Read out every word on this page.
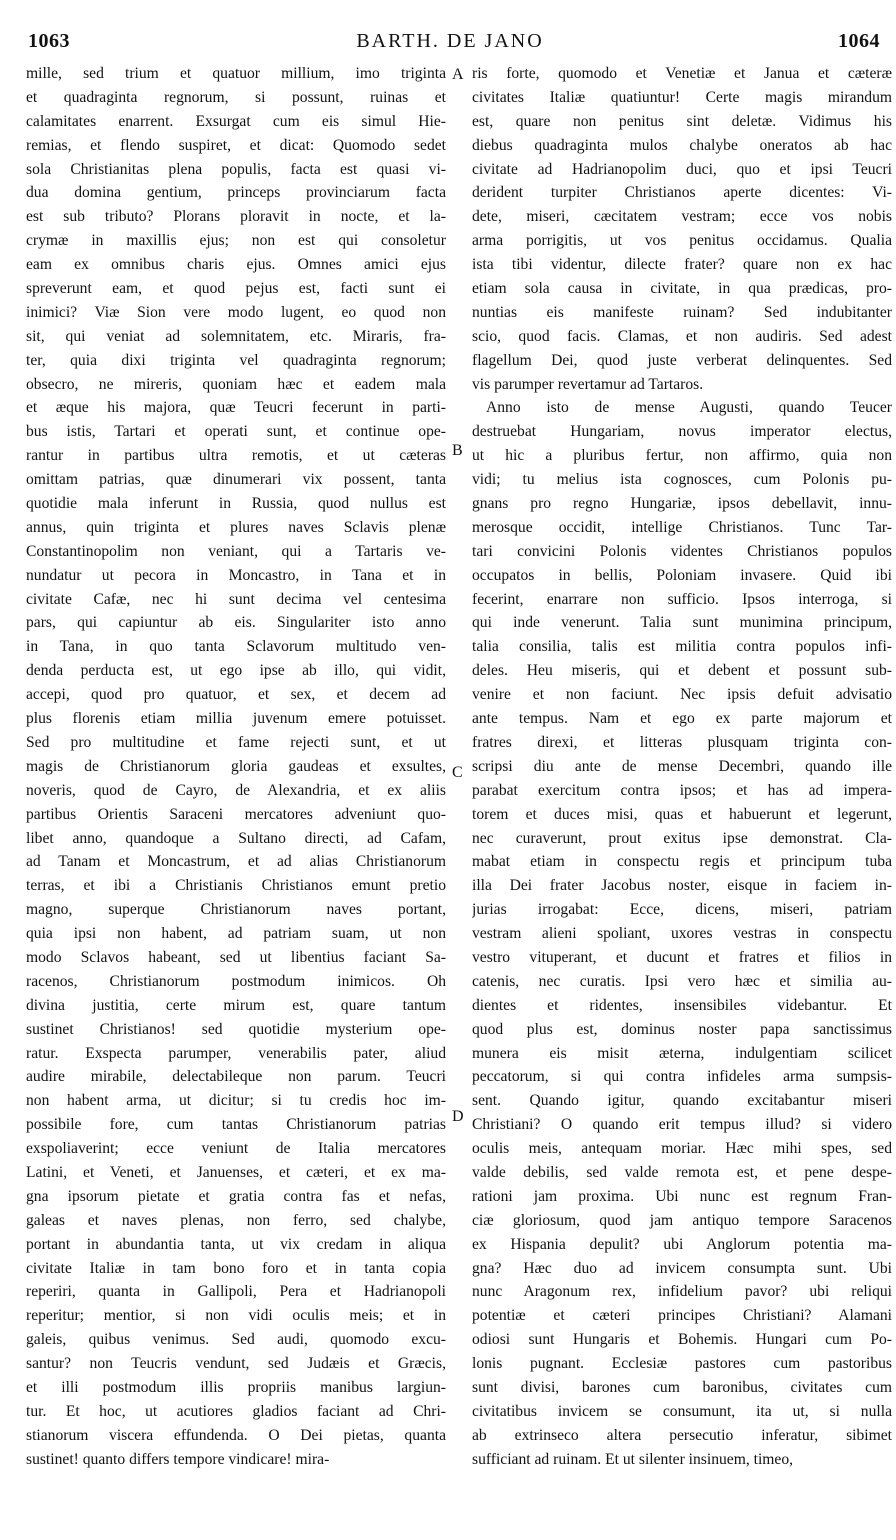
1063	BARTH. DE JANO	1064
A
B
C
D
mille, sed trium et quatuor millium, imo triginta
et quadraginta regnorum, si possunt, ruinas et
calamitates enarrent. Exsurgat cum eis simul Hie-
remias, et flendo suspiret, et dicat: Quomodo sedet
sola Christianitas plena populis, facta est quasi vi-
dua domina gentium, princeps provinciarum facta
est sub tributo? Plorans ploravit in nocte, et la-
crymæ in maxillis ejus; non est qui consoletur
eam ex omnibus charis ejus. Omnes amici ejus
spreverunt eam, et quod pejus est, facti sunt ei
inimici? Viæ Sion vere modo lugent, eo quod non
sit, qui veniat ad solemnitatem, etc. Miraris, fra-
ter, quia dixi triginta vel quadraginta regnorum;
obsecro, ne mireris, quoniam hæc et eadem mala
et æque his majora, quæ Teucri fecerunt in parti-
bus istis, Tartari et operati sunt, et continue ope-
rantur in partibus ultra remotis, et ut cæteras
omittam patrias, quæ dinumerari vix possent, tanta
quotidie mala inferunt in Russia, quod nullus est
annus, quin triginta et plures naves Sclavis plenæ
Constantinopolim non veniant, qui a Tartaris ve-
nundatur ut pecora in Moncastro, in Tana et in
civitate Cafæ, nec hi sunt decima vel centesima
pars, qui capiuntur ab eis. Singulariter isto anno
in Tana, in quo tanta Sclavorum multitudo ven-
denda perducta est, ut ego ipse ab illo, qui vidit,
accepi, quod pro quatuor, et sex, et decem ad
plus florenis etiam millia juvenum emere potuisset.
Sed pro multitudine et fame rejecti sunt, et ut
magis de Christianorum gloria gaudeas et exsultes,
noveris, quod de Cayro, de Alexandria, et ex aliis
partibus Orientis Saraceni mercatores adveniunt quo-
libet anno, quandoque a Sultano directi, ad Cafam,
ad Tanam et Moncastrum, et ad alias Christianorum
terras, et ibi a Christianis Christianos emunt pretio
magno, superque Christianorum naves portant,
quia ipsi non habent, ad patriam suam, ut non
modo Sclavos habeant, sed ut libentius faciant Sa-
racenos, Christianorum postmodum inimicos. Oh
divina justitia, certe mirum est, quare tantum
sustinet Christianos! sed quotidie mysterium ope-
ratur. Exspecta parumper, venerabilis pater, aliud
audire mirabile, delectabileque non parum. Teucri
non habent arma, ut dicitur; si tu credis hoc im-
possibile fore, cum tantas Christianorum patrias
exspoliaverint; ecce veniunt de Italia mercatores
Latini, et Veneti, et Januenses, et cæteri, et ex ma-
gna ipsorum pietate et gratia contra fas et nefas,
galeas et naves plenas, non ferro, sed chalybe,
portant in abundantia tanta, ut vix credam in aliqua
civitate Italiæ in tam bono foro et in tanta copia
reperiri, quanta in Gallipoli, Pera et Hadrianopoli
reperitur; mentior, si non vidi oculis meis; et in
galeis, quibus venimus. Sed audi, quomodo excu-
santur? non Teucris vendunt, sed Judæis et Græcis,
et illi postmodum illis propriis manibus largiun-
tur. Et hoc, ut acutiores gladios faciant ad Chri-
stianorum viscera effundenda. O Dei pietas, quanta
sustinet! quanto differs tempore vindicare! mira-
ris forte, quomodo et Venetiæ et Janua et cæteræ
civitates Italiæ quatiuntur! Certe magis mirandum
est, quare non penitus sint deletæ. Vidimus his
diebus quadraginta mulos chalybe oneratos ab hac
civitate ad Hadrianopolim duci, quo et ipsi Teucri
derident turpiter Christianos aperte dicentes: Vi-
dete, miseri, cæcitatem vestram; ecce vos nobis
arma porrigitis, ut vos penitus occidamus. Qualia
ista tibi videntur, dilecte frater? quare non ex hac
etiam sola causa in civitate, in qua prædicas, pro-
nuntias eis manifeste ruinam? Sed indubitanter
scio, quod facis. Clamas, et non audiris. Sed adest
flagellum Dei, quod juste verberat delinquentes. Sed
vis parumper revertamur ad Tartaros.
Anno isto de mense Augusti, quando Teucer
destruebat Hungariam, novus imperator electus,
ut hic a pluribus fertur, non affirmo, quia non
vidi; tu melius ista cognosces, cum Polonis pu-
gnans pro regno Hungariæ, ipsos debellavit, innu-
merosque occidit, intellige Christianos. Tunc Tar-
tari convicini Polonis videntes Christianos populos
occupatos in bellis, Poloniam invasere. Quid ibi
fecerint, enarrare non sufficio. Ipsos interroga, si
qui inde venerunt. Talia sunt munimina principum,
talia consilia, talis est militia contra populos infi-
deles. Heu miseris, qui et debent et possunt sub-
venire et non faciunt. Nec ipsis defuit advisatio
ante tempus. Nam et ego ex parte majorum et
fratres direxi, et litteras plusquam triginta con-
scripsi diu ante de mense Decembri, quando ille
parabat exercitum contra ipsos; et has ad impera-
torem et duces misi, quas et habuerunt et legerunt,
nec curaverunt, prout exitus ipse demonstrat. Cla-
mabat etiam in conspectu regis et principum tuba
illa Dei frater Jacobus noster, eisque in faciem in-
jurias irrogabat: Ecce, dicens, miseri, patriam
vestram alieni spoliant, uxores vestras in conspectu
vestro vituperant, et ducunt et fratres et filios in
catenis, nec curatis. Ipsi vero hæc et similia au-
dientes et ridentes, insensibiles videbantur. Et
quod plus est, dominus noster papa sanctissimus
munera eis misit æterna, indulgentiam scilicet
peccatorum, si qui contra infideles arma sumpsis-
sent. Quando igitur, quando excitabantur miseri
Christiani? O quando erit tempus illud? si videro
oculis meis, antequam moriar. Hæc mihi spes, sed
valde debilis, sed valde remota est, et pene despe-
rationi jam proxima. Ubi nunc est regnum Fran-
ciæ gloriosum, quod jam antiquo tempore Saracenos
ex Hispania depulit? ubi Anglorum potentia ma-
gna? Hæc duo ad invicem consumpta sunt. Ubi
nunc Aragonum rex, infidelium pavor? ubi reliqui
potentiæ et cæteri principes Christiani? Alamani
odiosi sunt Hungaris et Bohemis. Hungari cum Po-
lonis pugnant. Ecclesiæ pastores cum pastoribus
sunt divisi, barones cum baronibus, civitates cum
civitatibus invicem se consumunt, ita ut, si nulla
ab extrinseco altera persecutio inferatur, sibimet
sufficiant ad ruinam. Et ut silenter insinuem, timeo,
